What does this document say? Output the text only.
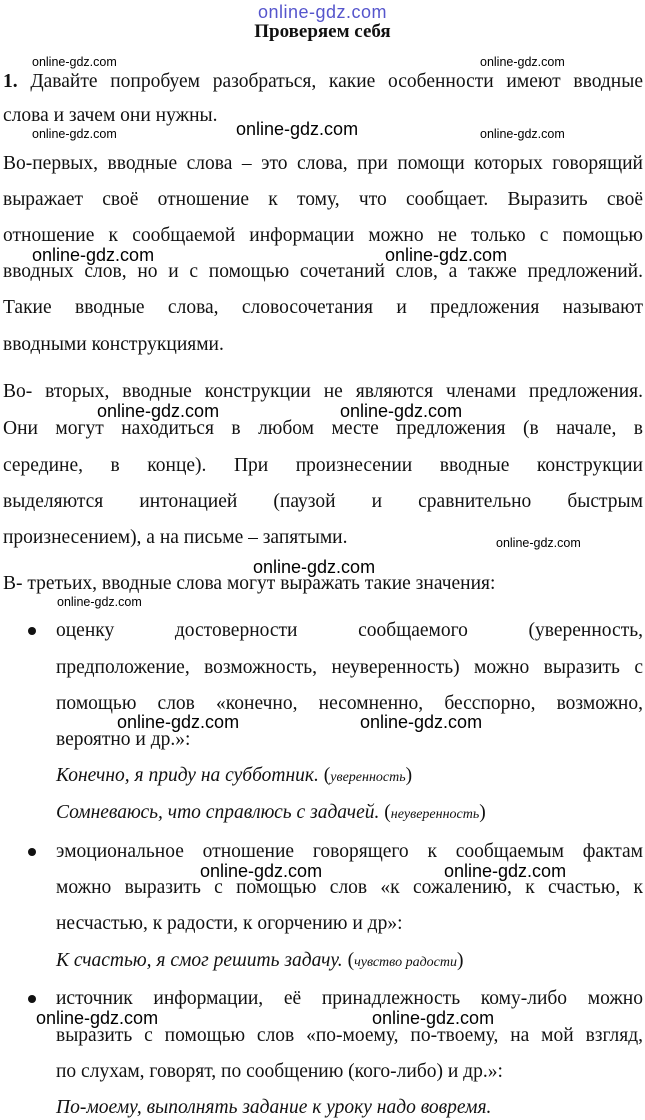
online-gdz.com
Проверяем себя
1. Давайте попробуем разобраться, какие особенности имеют вводные
слова и зачем они нужны.
Во-первых, вводные слова – это слова, при помощи которых говорящий
выражает своё отношение к тому, что сообщает. Выразить своё
отношение к сообщаемой информации можно не только с помощью
вводных слов, но и с помощью сочетаний слов, а также предложений.
Такие вводные слова, словосочетания и предложения называют
вводными конструкциями.
Во- вторых, вводные конструкции не являются членами предложения.
Они могут находиться в любом месте предложения (в начале, в
середине, в конце). При произнесении вводные конструкции
выделяются интонацией (паузой и сравнительно быстрым
произнесением), а на письме – запятыми.
В- третьих, вводные слова могут выражать такие значения:
оценку достоверности сообщаемого (уверенность,
предположение, возможность, неуверенность) можно выразить с
помощью слов «конечно, несомненно, бесспорно, возможно,
вероятно и др.»:
Конечно, я приду на субботник. (уверенность)
Сомневаюсь, что справлюсь с задачей. (неуверенность)
эмоциональное отношение говорящего к сообщаемым фактам
можно выразить с помощью слов «к сожалению, к счастью, к
несчастью, к радости, к огорчению и др»:
К счастью, я смог решить задачу. (чувство радости)
источник информации, её принадлежность кому-либо можно
выразить с помощью слов «по-моему, по-твоему, на мой взгляд,
по слухам, говорят, по сообщению (кого-либо) и др.»:
По-моему, выполнять задание к уроку надо вовремя.
online-gdz.com	online-gdz.com
online-gdz.com	online-gdz.com
online-gdz.com
online-gdz.com	online-gdz.com
online-gdz.com	online-gdz.com
online-gdz.com
online-gdz.com
online-gdz.com
online-gdz.com	online-gdz.com
online-gdz.com	online-gdz.com
online-gdz.com	online-gdz.com
